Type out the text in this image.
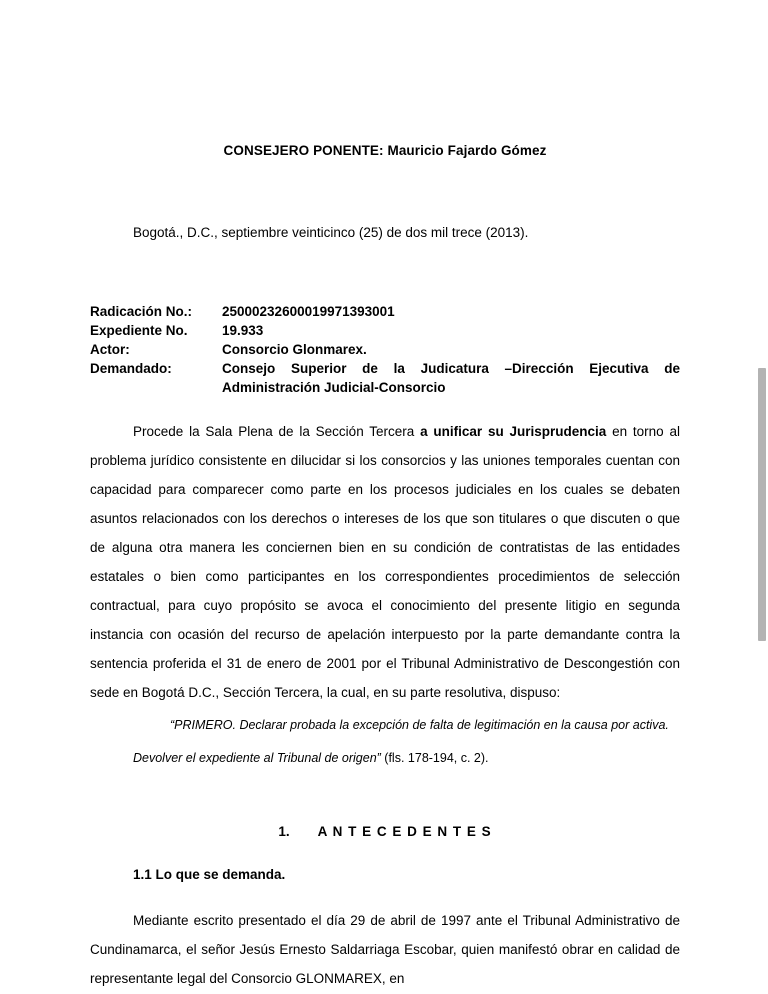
CONSEJERO PONENTE: Mauricio Fajardo Gómez
Bogotá., D.C., septiembre veinticinco (25) de dos mil trece (2013).
Radicación No.:	25000232600019971393001
Expediente No.	19.933
Actor:	Consorcio Glonmarex.
Demandado:	Consejo Superior de la Judicatura –Dirección Ejecutiva de Administración Judicial-Consorcio

Procede la Sala Plena de la Sección Tercera a unificar su Jurisprudencia en torno al problema jurídico consistente en dilucidar si los consorcios y las uniones temporales cuentan con capacidad para comparecer como parte en los procesos judiciales en los cuales se debaten asuntos relacionados con los derechos o intereses de los que son titulares o que discuten o que de alguna otra manera les conciernen bien en su condición de contratistas de las entidades estatales o bien como participantes en los correspondientes procedimientos de selección contractual, para cuyo propósito se avoca el conocimiento del presente litigio en segunda instancia con ocasión del recurso de apelación interpuesto por la parte demandante contra la sentencia proferida el 31 de enero de 2001 por el Tribunal Administrativo de Descongestión con sede en Bogotá D.C., Sección Tercera, la cual, en su parte resolutiva, dispuso:

“PRIMERO. Declarar probada la excepción de falta de legitimación en la causa por activa.

Devolver el expediente al Tribunal de origen” (fls. 178-194, c. 2).

1. A N T E C E D E N T E S
1.1 Lo que se demanda.

Mediante escrito presentado el día 29 de abril de 1997 ante el Tribunal Administrativo de Cundinamarca, el señor Jesús Ernesto Saldarriaga Escobar, quien manifestó obrar en calidad de representante legal del Consorcio GLONMAREX, en
